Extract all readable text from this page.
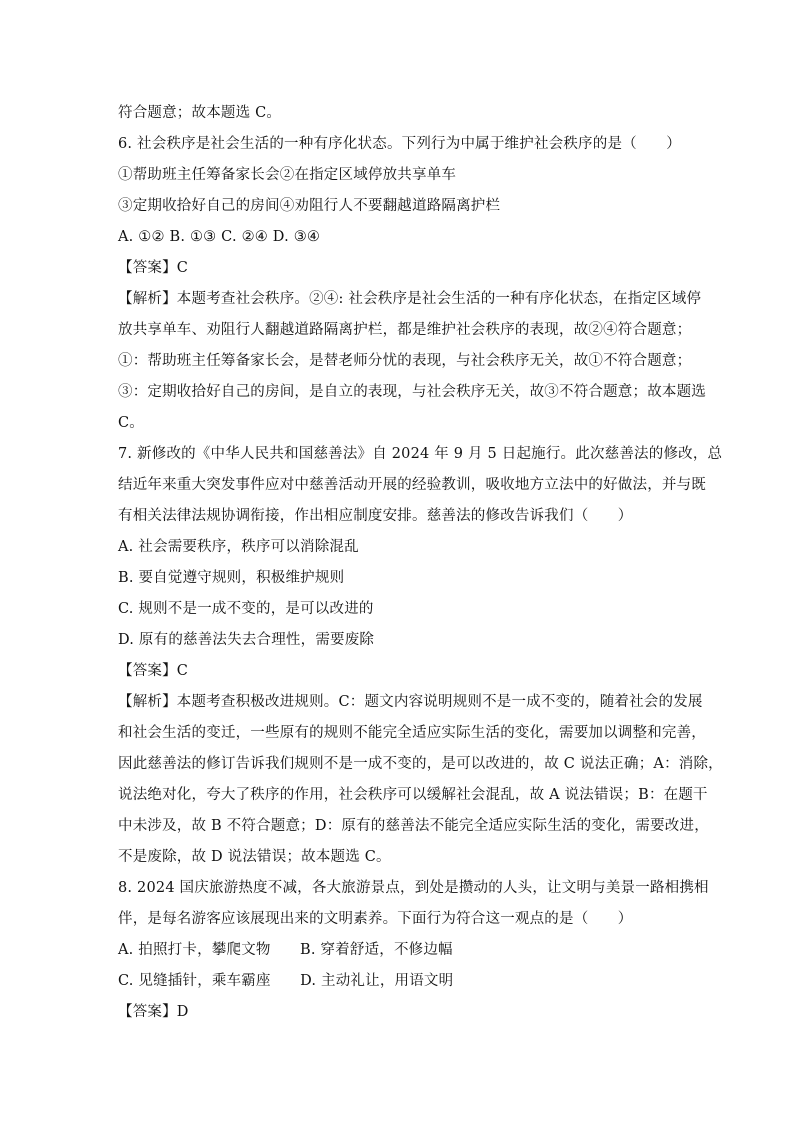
符合题意；故本题选 C。
6. 社会秩序是社会生活的一种有序化状态。下列行为中属于维护社会秩序的是（　　）
①帮助班主任筹备家长会②在指定区域停放共享单车
③定期收拾好自己的房间④劝阻行人不要翻越道路隔离护栏
A. ①② B. ①③ C. ②④ D. ③④
【答案】C
【解析】本题考查社会秩序。②④: 社会秩序是社会生活的一种有序化状态，在指定区域停
放共享单车、劝阻行人翻越道路隔离护栏，都是维护社会秩序的表现，故②④符合题意；
①：帮助班主任筹备家长会，是替老师分忧的表现，与社会秩序无关，故①不符合题意；
③：定期收拾好自己的房间，是自立的表现，与社会秩序无关，故③不符合题意；故本题选
C。
7. 新修改的《中华人民共和国慈善法》自 2024 年 9 月 5 日起施行。此次慈善法的修改，总
结近年来重大突发事件应对中慈善活动开展的经验教训，吸收地方立法中的好做法，并与既
有相关法律法规协调衔接，作出相应制度安排。慈善法的修改告诉我们（　　）
A. 社会需要秩序，秩序可以消除混乱
B. 要自觉遵守规则，积极维护规则
C. 规则不是一成不变的，是可以改进的
D. 原有的慈善法失去合理性，需要废除
【答案】C
【解析】本题考查积极改进规则。C：题文内容说明规则不是一成不变的，随着社会的发展
和社会生活的变迁，一些原有的规则不能完全适应实际生活的变化，需要加以调整和完善，
因此慈善法的修订告诉我们规则不是一成不变的，是可以改进的，故 C 说法正确；A：消除，
说法绝对化，夸大了秩序的作用，社会秩序可以缓解社会混乱，故 A 说法错误；B：在题干
中未涉及，故 B 不符合题意；D：原有的慈善法不能完全适应实际生活的变化，需要改进，
不是废除，故 D 说法错误；故本题选 C。
8. 2024 国庆旅游热度不减，各大旅游景点，到处是攒动的人头，让文明与美景一路相携相
伴，是每名游客应该展现出来的文明素养。下面行为符合这一观点的是（　　）
A. 拍照打卡，攀爬文物　　B. 穿着舒适，不修边幅
C. 见缝插针，乘车霸座　　D. 主动礼让，用语文明
【答案】D
